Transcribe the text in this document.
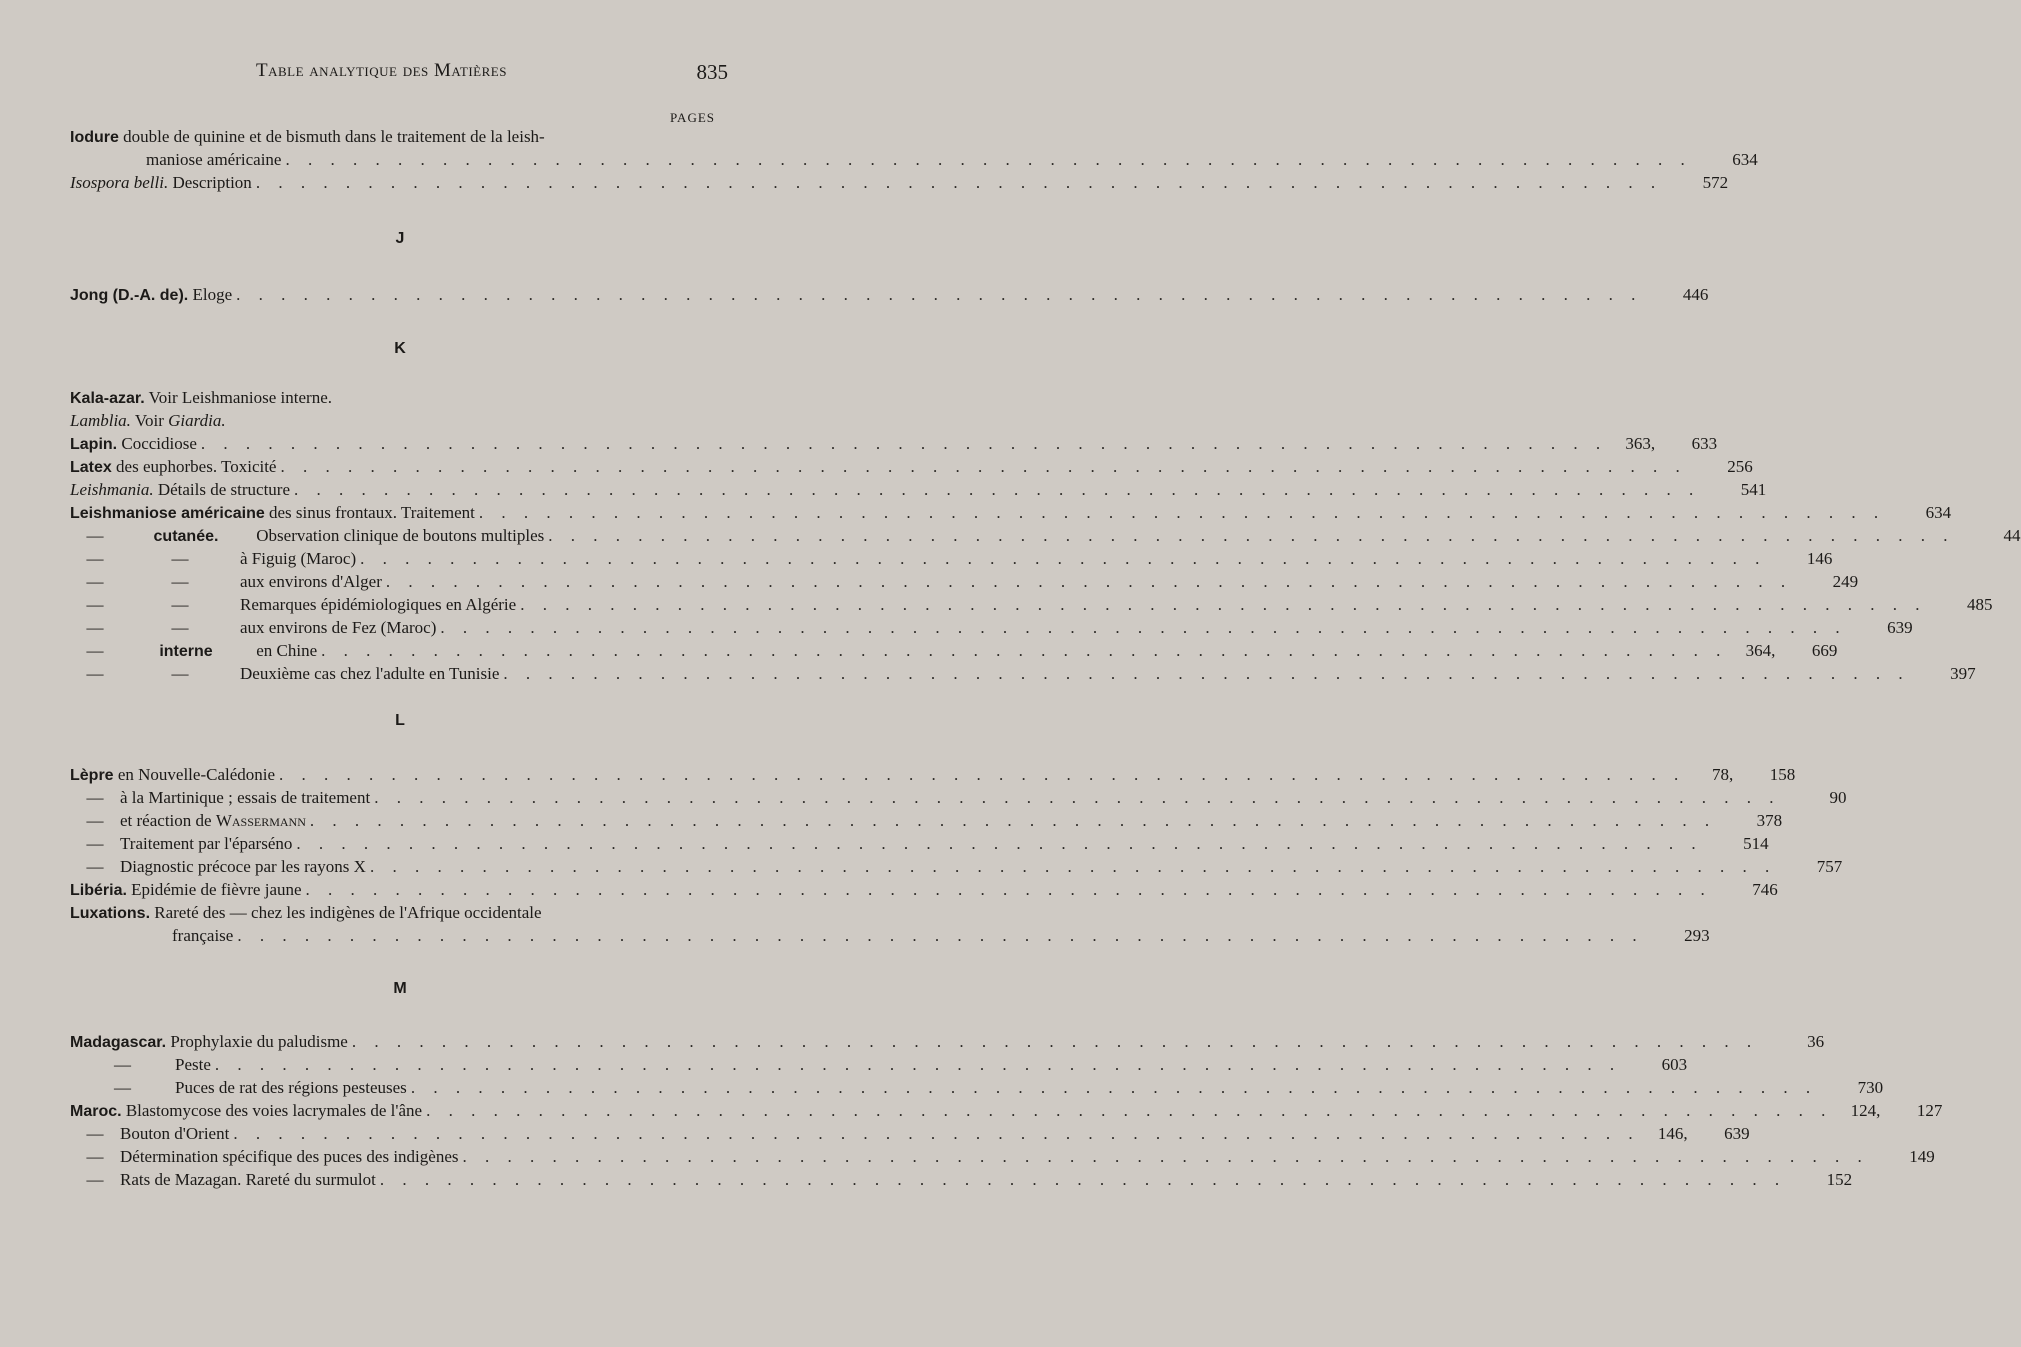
Table analytique des Matières	835
PAGES
Iodure double de quinine et de bismuth dans le traitement de la leish-
maniose américaine . . . . . . . . . . . . . . . . . . . . . . . . . . . . . . . . . . . . . . . . . . . . . . . . . . . . . . . . . . . . . . .	634
Isospora belli. Description . . . . . . . . . . . . . . . . . . . . . . . . . . . . . . . . . . . . . . . . . . . . . . . . . . . . . . . . . . . . . . .	572
J
Jong (D.-A. de). Eloge . . . . . . . . . . . . . . . . . . . . . . . . . . . . . . . . . . . . . . . . . . . . . . . . . . . . . . . . . . . . . . .	446
K
Kala-azar. Voir Leishmaniose interne.
Lamblia. Voir Giardia.
Lapin. Coccidiose . . . . . . . . . . . . . . . . . . . . . . . . . . . . . . . . . . . . . . . . . . . . . . . . . . . . . . . . . . . . . . .	363,	633
Latex des euphorbes. Toxicité . . . . . . . . . . . . . . . . . . . . . . . . . . . . . . . . . . . . . . . . . . . . . . . . . . . . . . . . . . . . . . .	256
Leishmania. Détails de structure . . . . . . . . . . . . . . . . . . . . . . . . . . . . . . . . . . . . . . . . . . . . . . . . . . . . . . . . . . . . . . .	541
Leishmaniose américaine des sinus frontaux. Traitement . . . . . . . . . . . . . . . . . . . . . . . . . . . . . . . . . . . . . . . . . . . . . . . . . . . . . . . . . . . . . . .	634
—	cutanée. Observation clinique de boutons multiples . . . . . . . . . . . . . . . . . . . . . . . . . . . . . . . . . . . . . . . . . . . . . . . . . . . . . . . . . . . . . . .	44
—	—	à Figuig (Maroc) . . . . . . . . . . . . . . . . . . . . . . . . . . . . . . . . . . . . . . . . . . . . . . . . . . . . . . . . . . . . . . .	146
—	—	aux environs d'Alger . . . . . . . . . . . . . . . . . . . . . . . . . . . . . . . . . . . . . . . . . . . . . . . . . . . . . . . . . . . . . . .	249
—	—	Remarques épidémiologiques en Algérie . . . . . . . . . . . . . . . . . . . . . . . . . . . . . . . . . . . . . . . . . . . . . . . . . . . . . . . . . . . . . . .	485
—	—	aux environs de Fez (Maroc) . . . . . . . . . . . . . . . . . . . . . . . . . . . . . . . . . . . . . . . . . . . . . . . . . . . . . . . . . . . . . . .	639
—	interne en Chine . . . . . . . . . . . . . . . . . . . . . . . . . . . . . . . . . . . . . . . . . . . . . . . . . . . . . . . . . . . . . . .	364,	669
—	—	Deuxième cas chez l'adulte en Tunisie . . . . . . . . . . . . . . . . . . . . . . . . . . . . . . . . . . . . . . . . . . . . . . . . . . . . . . . . . . . . . . .	397
L
Lèpre en Nouvelle-Calédonie . . . . . . . . . . . . . . . . . . . . . . . . . . . . . . . . . . . . . . . . . . . . . . . . . . . . . . . . . . . . . . .	78,	158
— à la Martinique ; essais de traitement . . . . . . . . . . . . . . . . . . . . . . . . . . . . . . . . . . . . . . . . . . . . . . . . . . . . . . . . . . . . . . .	90
— et réaction de Wassermann . . . . . . . . . . . . . . . . . . . . . . . . . . . . . . . . . . . . . . . . . . . . . . . . . . . . . . . . . . . . . . .	378
— Traitement par l'éparséno . . . . . . . . . . . . . . . . . . . . . . . . . . . . . . . . . . . . . . . . . . . . . . . . . . . . . . . . . . . . . . .	514
— Diagnostic précoce par les rayons X . . . . . . . . . . . . . . . . . . . . . . . . . . . . . . . . . . . . . . . . . . . . . . . . . . . . . . . . . . . . . . .	757
Libéria. Epidémie de fièvre jaune . . . . . . . . . . . . . . . . . . . . . . . . . . . . . . . . . . . . . . . . . . . . . . . . . . . . . . . . . . . . . . .	746
Luxations. Rareté des — chez les indigènes de l'Afrique occidentale
française . . . . . . . . . . . . . . . . . . . . . . . . . . . . . . . . . . . . . . . . . . . . . . . . . . . . . . . . . . . . . . .	293
M
Madagascar. Prophylaxie du paludisme . . . . . . . . . . . . . . . . . . . . . . . . . . . . . . . . . . . . . . . . . . . . . . . . . . . . . . . . . . . . . . .	36
—	Peste . . . . . . . . . . . . . . . . . . . . . . . . . . . . . . . . . . . . . . . . . . . . . . . . . . . . . . . . . . . . . . .	603
—	Puces de rat des régions pesteuses . . . . . . . . . . . . . . . . . . . . . . . . . . . . . . . . . . . . . . . . . . . . . . . . . . . . . . . . . . . . . . .	730
Maroc. Blastomycose des voies lacrymales de l'âne . . . . . . . . . . . . . . . . . . . . . . . . . . . . . . . . . . . . . . . . . . . . . . . . . . . . . . . . . . . . . . .	124,	127
— Bouton d'Orient . . . . . . . . . . . . . . . . . . . . . . . . . . . . . . . . . . . . . . . . . . . . . . . . . . . . . . . . . . . . . . .	146,	639
— Détermination spécifique des puces des indigènes . . . . . . . . . . . . . . . . . . . . . . . . . . . . . . . . . . . . . . . . . . . . . . . . . . . . . . . . . . . . . . .	149
— Rats de Mazagan. Rareté du surmulot . . . . . . . . . . . . . . . . . . . . . . . . . . . . . . . . . . . . . . . . . . . . . . . . . . . . . . . . . . . . . . .	152
